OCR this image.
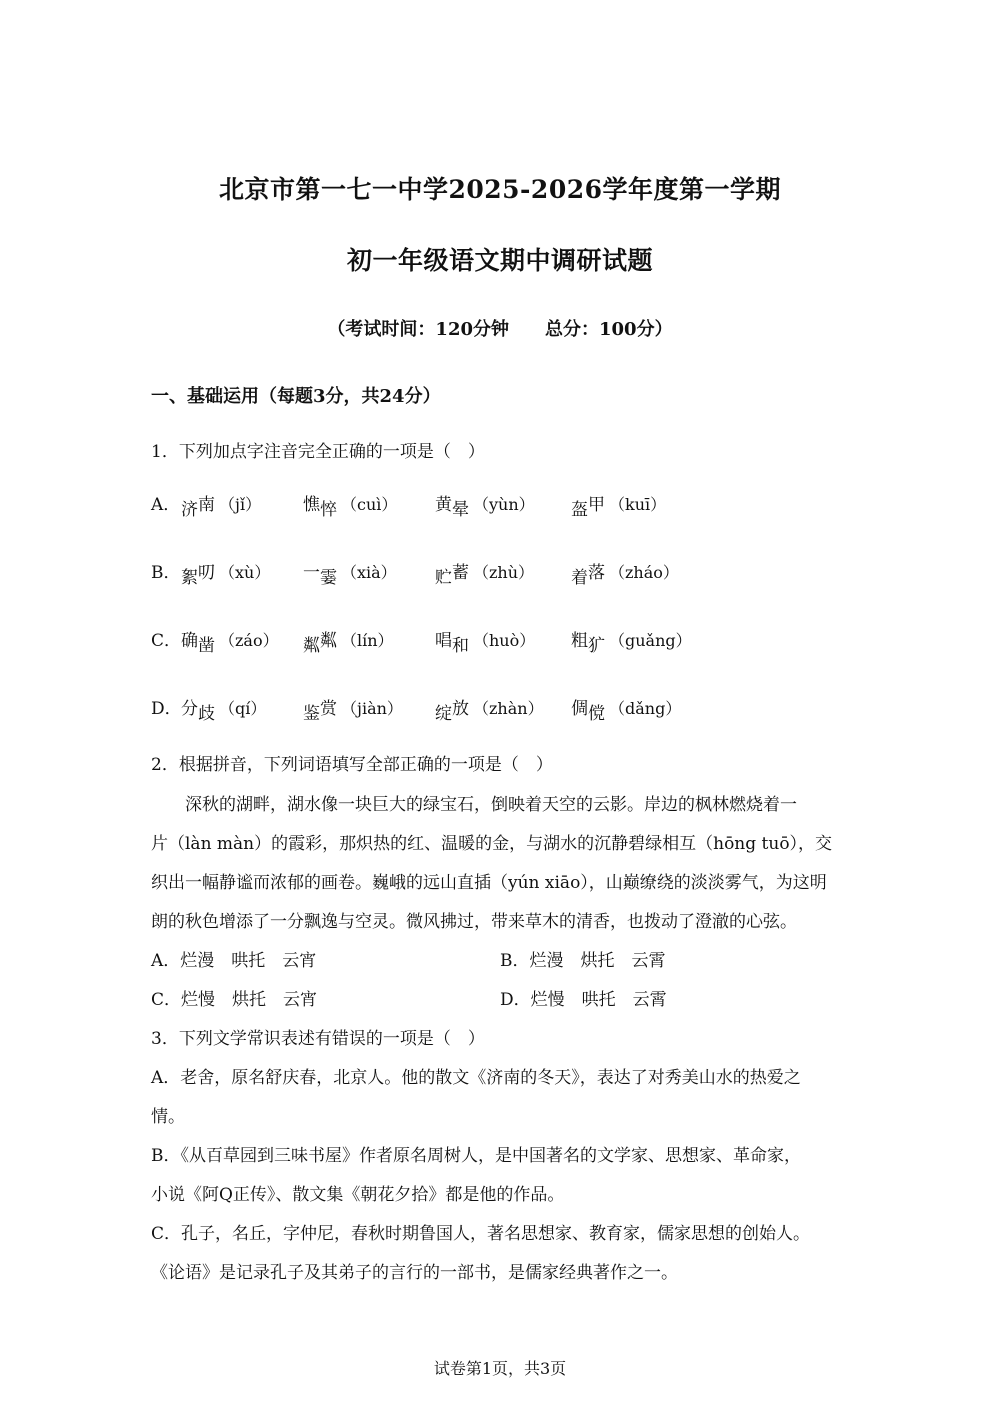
北京市第一七一中学2025-2026学年度第一学期
初一年级语文期中调研试题
（考试时间：120分钟 总分：100分）
一、基础运用（每题3分，共24分）
1．下列加点字注音完全正确的一项是（　）
2．根据拼音，下列词语填写全部正确的一项是（　）
　　深秋的湖畔，湖水像一块巨大的绿宝石，倒映着天空的云影。岸边的枫林燃烧着一
片（làn màn）的霞彩，那炽热的红、温暖的金，与湖水的沉静碧绿相互（hōng tuō），交
织出一幅静谧而浓郁的画卷。巍峨的远山直插（yún xiāo），山巅缭绕的淡淡雾气，为这明
朗的秋色增添了一分飘逸与空灵。微风拂过，带来草木的清香，也拨动了澄澈的心弦。
A．烂漫　哄托　云宵	B．烂漫　烘托　云霄
C．烂慢　烘托　云宵	D．烂慢　哄托　云霄
3．下列文学常识表述有错误的一项是（　）
A．老舍，原名舒庆春，北京人。他的散文《济南的冬天》，表达了对秀美山水的热爱之
情。
B．《从百草园到三味书屋》作者原名周树人，是中国著名的文学家、思想家、革命家，
小说《阿Q正传》、散文集《朝花夕拾》都是他的作品。
C．孔子，名丘，字仲尼，春秋时期鲁国人，著名思想家、教育家，儒家思想的创始人。
《论语》是记录孔子及其弟子的言行的一部书，是儒家经典著作之一。
试卷第1页，共3页
A． 济南 （jǐ） 憔悴 （cuì） 黄晕 （yùn） 盔甲 （kuī）
B． 絮叨 （xù） 一霎 （xià） 贮蓄 （zhù） 着落 （zháo）
C． 确凿 （záo） 粼粼 （lín） 唱和 （huò） 粗犷 （guǎng）
D． 分歧 （qí） 鉴赏 （jiàn） 绽放 （zhàn） 倜傥 （dǎng）
